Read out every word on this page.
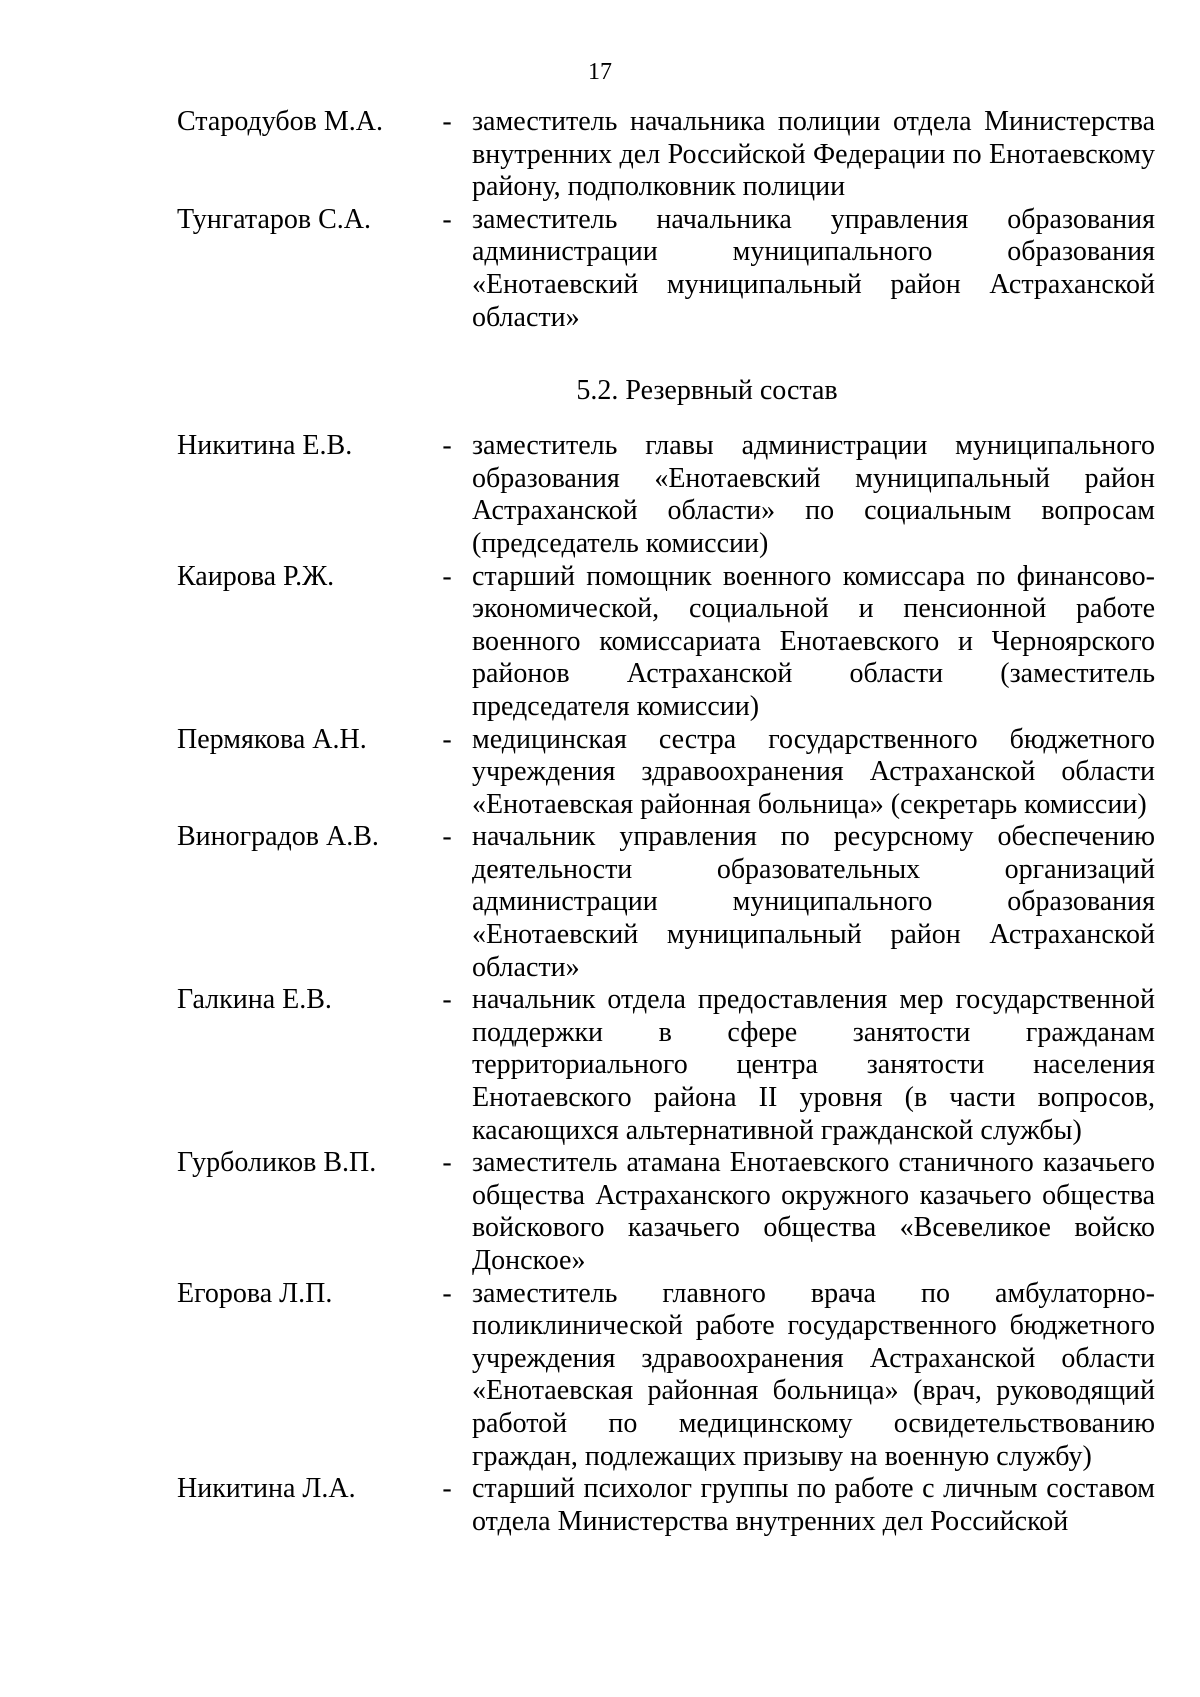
17
Стародубов М.А.	- заместитель начальника полиции отдела Министерства внутренних дел Российской Федерации по Енотаевскому району, подполковник полиции
Тунгатаров С.А.	- заместитель начальника управления образования администрации муниципального образования «Енотаевский муниципальный район Астраханской области»
5.2. Резервный состав
Никитина Е.В.	- заместитель главы администрации муниципального образования «Енотаевский муниципальный район Астраханской области» по социальным вопросам (председатель комиссии)
Каирова Р.Ж.	- старший помощник военного комиссара по финансово-экономической, социальной и пенсионной работе военного комиссариата Енотаевского и Черноярского районов Астраханской области (заместитель председателя комиссии)
Пермякова А.Н.	- медицинская сестра государственного бюджетного учреждения здравоохранения Астраханской области «Енотаевская районная больница» (секретарь комиссии)
Виноградов А.В.	- начальник управления по ресурсному обеспечению деятельности образовательных организаций администрации муниципального образования «Енотаевский муниципальный район Астраханской области»
Галкина Е.В.	- начальник отдела предоставления мер государственной поддержки в сфере занятости гражданам территориального центра занятости населения Енотаевского района II уровня (в части вопросов, касающихся альтернативной гражданской службы)
Гурболиков В.П.	- заместитель атамана Енотаевского станичного казачьего общества Астраханского окружного казачьего общества войскового казачьего общества «Всевеликое войско Донское»
Егорова Л.П.	- заместитель главного врача по амбулаторно-поликлинической работе государственного бюджетного учреждения здравоохранения Астраханской области «Енотаевская районная больница» (врач, руководящий работой по медицинскому освидетельствованию граждан, подлежащих призыву на военную службу)
Никитина Л.А.	- старший психолог группы по работе с личным составом отдела Министерства внутренних дел Российской
